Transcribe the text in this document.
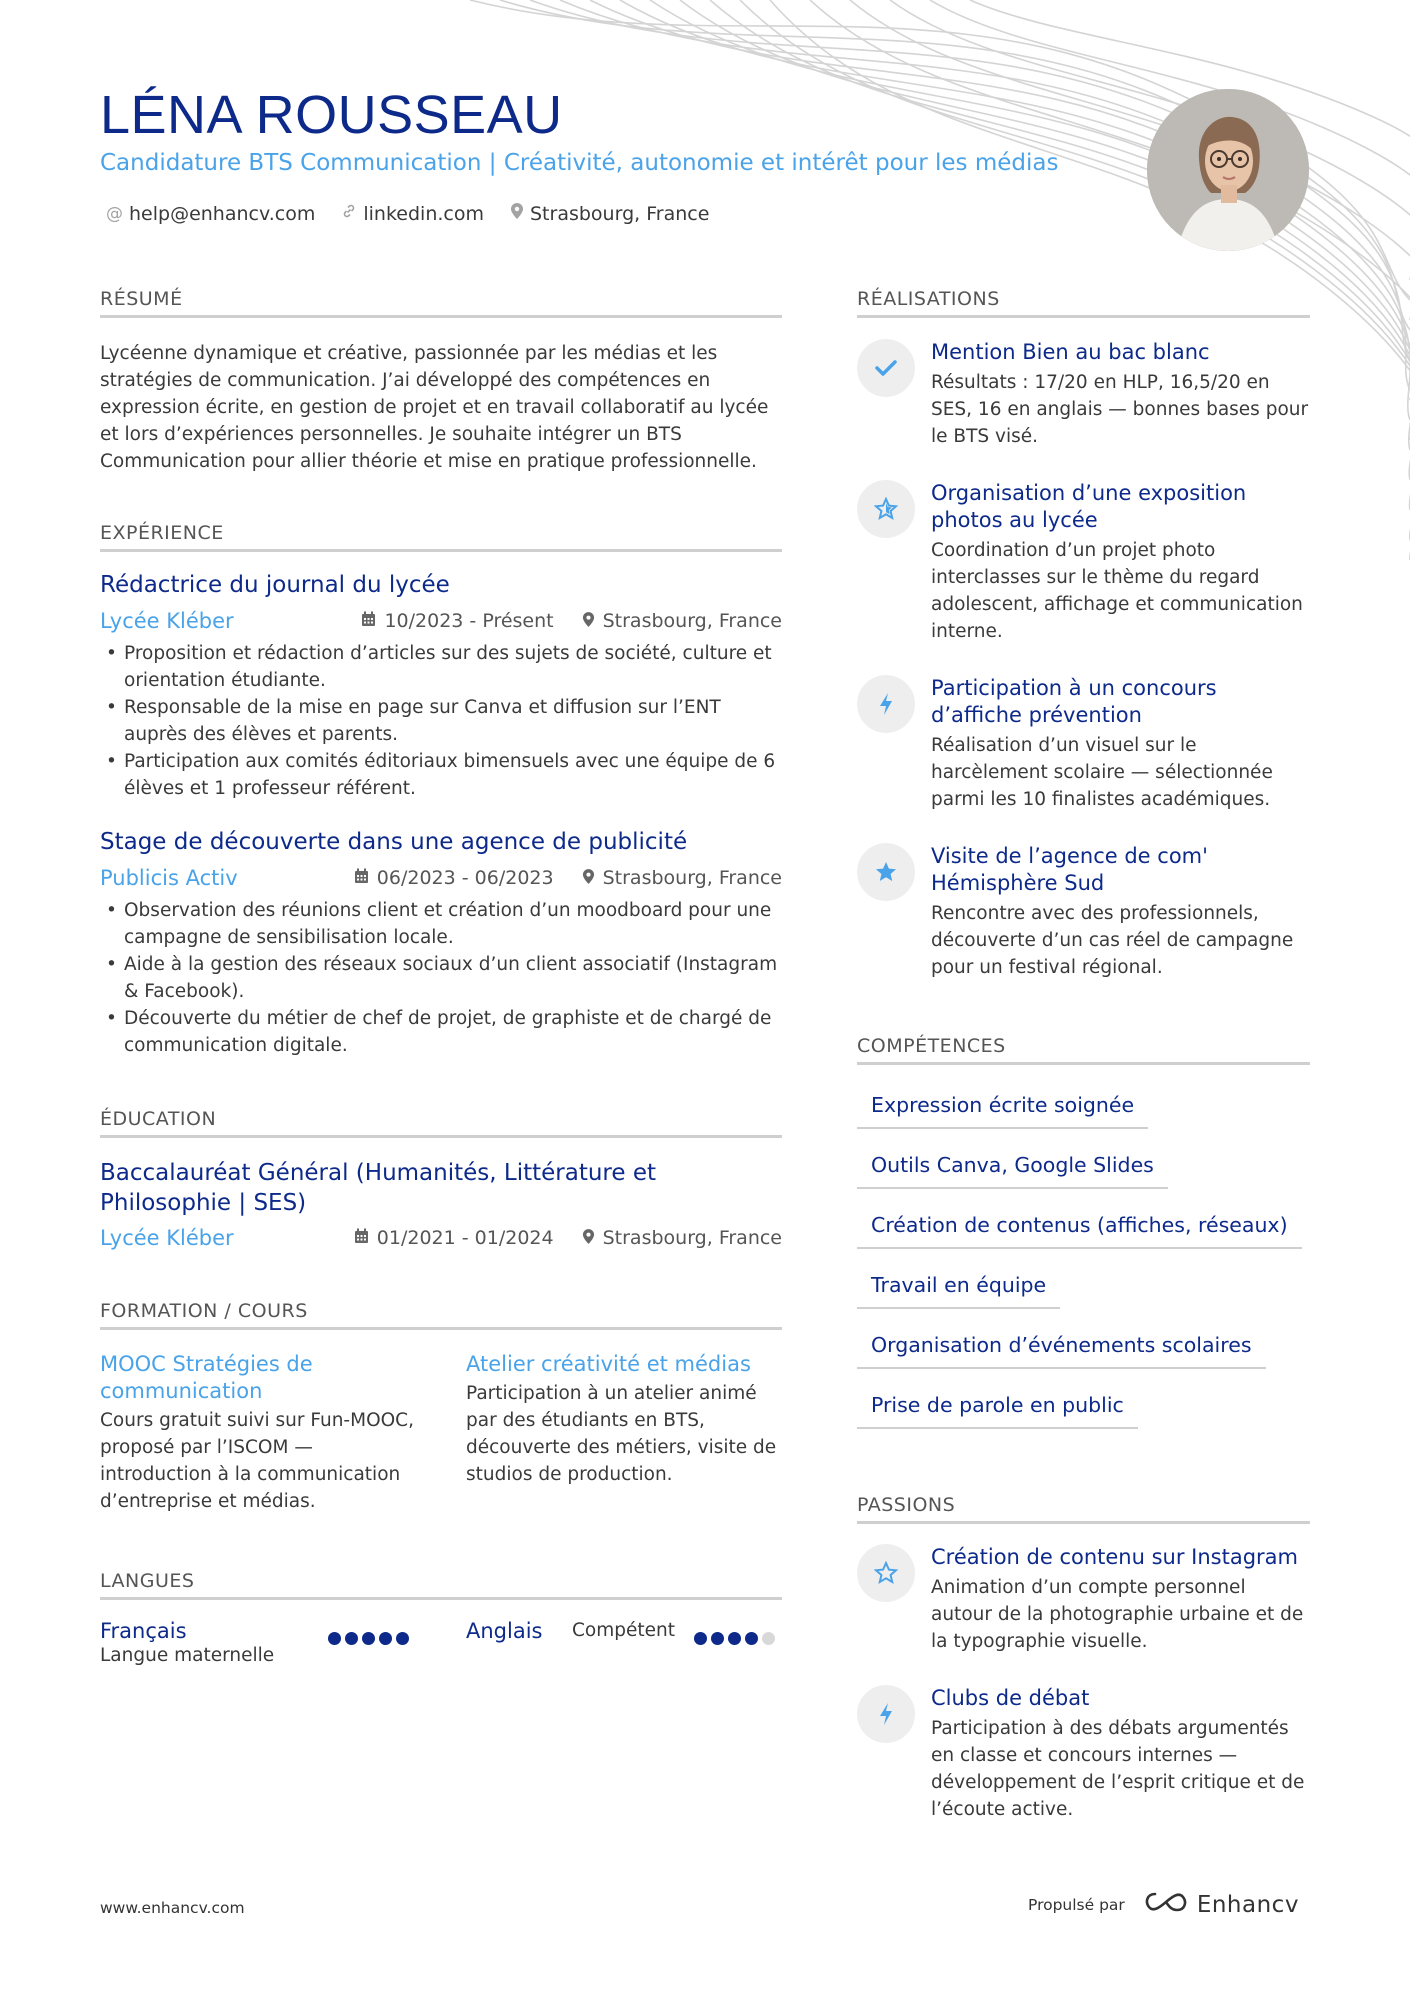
LÉNA ROUSSEAU
Candidature BTS Communication | Créativité, autonomie et intérêt pour les médias
@ help@enhancv.com	linkedin.com Strasbourg, France
RÉSUMÉ
Lycéenne dynamique et créative, passionnée par les médias et les stratégies de communication. J’ai développé des compétences en expression écrite, en gestion de projet et en travail collaboratif au lycée et lors d’expériences personnelles. Je souhaite intégrer un BTS Communication pour allier théorie et mise en pratique professionnelle.
EXPÉRIENCE
Rédactrice du journal du lycée
Lycée Kléber	10/2023 - Présent	Strasbourg, France
• Proposition et rédaction d’articles sur des sujets de société, culture et orientation étudiante.
• Responsable de la mise en page sur Canva et diffusion sur l’ENT auprès des élèves et parents.
• Participation aux comités éditoriaux bimensuels avec une équipe de 6 élèves et 1 professeur référent.
Stage de découverte dans une agence de publicité
Publicis Activ	06/2023 - 06/2023	Strasbourg, France
• Observation des réunions client et création d’un moodboard pour une campagne de sensibilisation locale.
• Aide à la gestion des réseaux sociaux d’un client associatif (Instagram & Facebook).
• Découverte du métier de chef de projet, de graphiste et de chargé de communication digitale.
ÉDUCATION
Baccalauréat Général (Humanités, Littérature et Philosophie | SES)
Lycée Kléber	01/2021 - 01/2024	Strasbourg, France
FORMATION / COURS
MOOC Stratégies de communication
Cours gratuit suivi sur Fun-MOOC, proposé par l’ISCOM — introduction à la communication d’entreprise et médias.
Atelier créativité et médias
Participation à un atelier animé par des étudiants en BTS, découverte des métiers, visite de studios de production.
LANGUES
Français
Langue maternelle
Anglais	Compétent
RÉALISATIONS
Mention Bien au bac blanc
Résultats : 17/20 en HLP, 16,5/20 en SES, 16 en anglais — bonnes bases pour le BTS visé.
Organisation d’une exposition photos au lycée
Coordination d’un projet photo interclasses sur le thème du regard adolescent, affichage et communication interne.
Participation à un concours d’affiche prévention
Réalisation d’un visuel sur le harcèlement scolaire — sélectionnée parmi les 10 finalistes académiques.
Visite de l’agence de com' Hémisphère Sud
Rencontre avec des professionnels, découverte d’un cas réel de campagne pour un festival régional.
COMPÉTENCES
Expression écrite soignée
Outils Canva, Google Slides
Création de contenus (affiches, réseaux)
Travail en équipe
Organisation d’événements scolaires
Prise de parole en public
PASSIONS
Création de contenu sur Instagram
Animation d’un compte personnel autour de la photographie urbaine et de la typographie visuelle.
Clubs de débat
Participation à des débats argumentés en classe et concours internes — développement de l’esprit critique et de l’écoute active.
www.enhancv.com	Propulsé par	Enhancv
